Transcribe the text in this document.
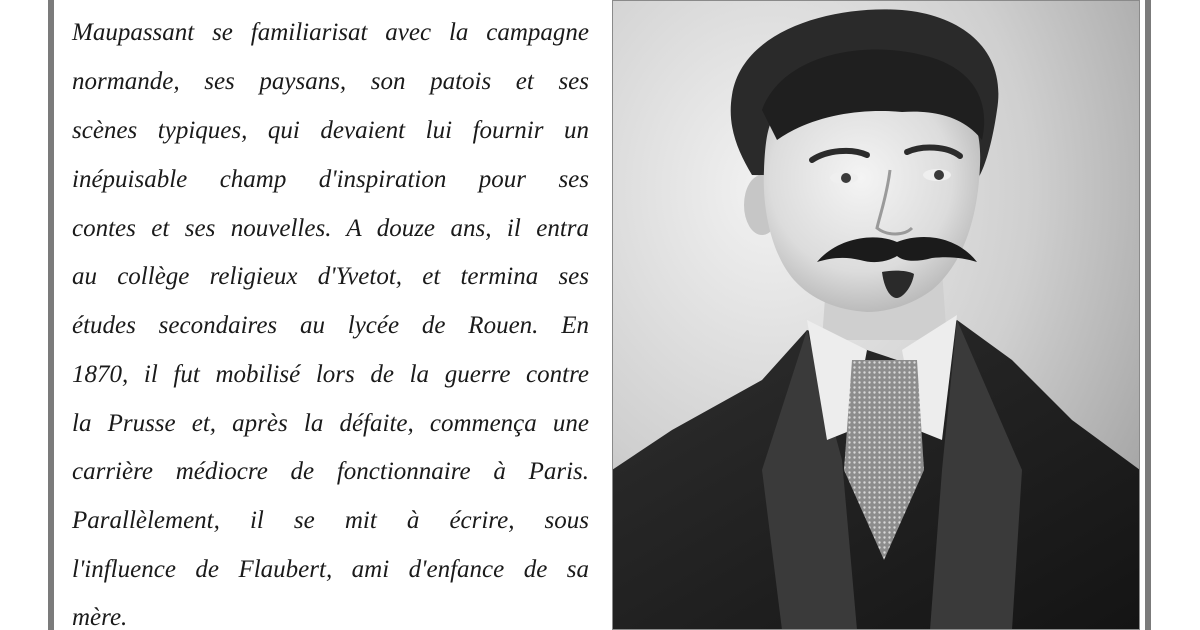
Maupassant se familiarisat avec la campagne
normande, ses paysans, son patois et ses
scènes typiques, qui devaient lui fournir un
inépuisable champ d'inspiration pour ses
contes et ses nouvelles. A douze ans, il entra
au collège religieux d'Yvetot, et termina ses
études secondaires au lycée de Rouen. En
1870, il fut mobilisé lors de la guerre contre
la Prusse et, après la défaite, commença une
carrière médiocre de fonctionnaire à Paris.
Parallèlement, il se mit à écrire, sous
l'influence de Flaubert, ami d'enfance de sa
mère.
